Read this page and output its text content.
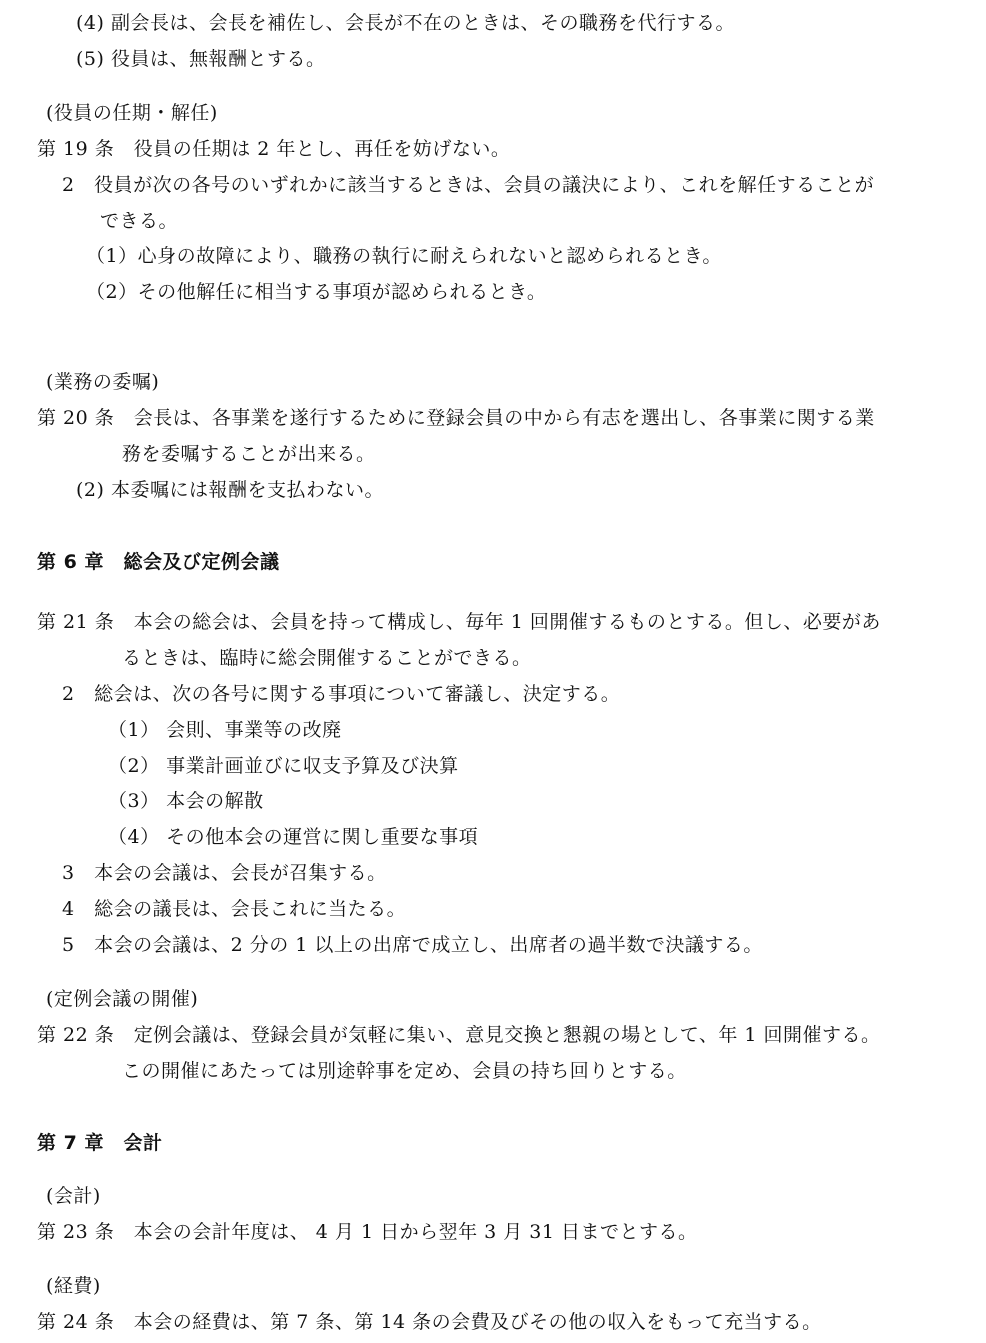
(4) 副会長は、会長を補佐し、会長が不在のときは、その職務を代行する。
(5) 役員は、無報酬とする。
(役員の任期・解任)
第 19 条　役員の任期は 2 年とし、再任を妨げない。
2　役員が次の各号のいずれかに該当するときは、会員の議決により、これを解任することが
できる。
（1）心身の故障により、職務の執行に耐えられないと認められるとき。
（2）その他解任に相当する事項が認められるとき。
(業務の委嘱)
第 20 条　会長は、各事業を遂行するために登録会員の中から有志を選出し、各事業に関する業
務を委嘱することが出来る。
(2) 本委嘱には報酬を支払わない。
第 6 章　総会及び定例会議
第 21 条　本会の総会は、会員を持って構成し、毎年 1 回開催するものとする。但し、必要があ
るときは、臨時に総会開催することができる。
2　総会は、次の各号に関する事項について審議し、決定する。
（1） 会則、事業等の改廃
（2） 事業計画並びに収支予算及び決算
（3） 本会の解散
（4） その他本会の運営に関し重要な事項
3　本会の会議は、会長が召集する。
4　総会の議長は、会長これに当たる。
5　本会の会議は、2 分の 1 以上の出席で成立し、出席者の過半数で決議する。
(定例会議の開催)
第 22 条　定例会議は、登録会員が気軽に集い、意見交換と懇親の場として、年 1 回開催する。
この開催にあたっては別途幹事を定め、会員の持ち回りとする。
第 7 章　会計
(会計)
第 23 条　本会の会計年度は、 4 月 1 日から翌年 3 月 31 日までとする。
(経費)
第 24 条　本会の経費は、第 7 条、第 14 条の会費及びその他の収入をもって充当する。
